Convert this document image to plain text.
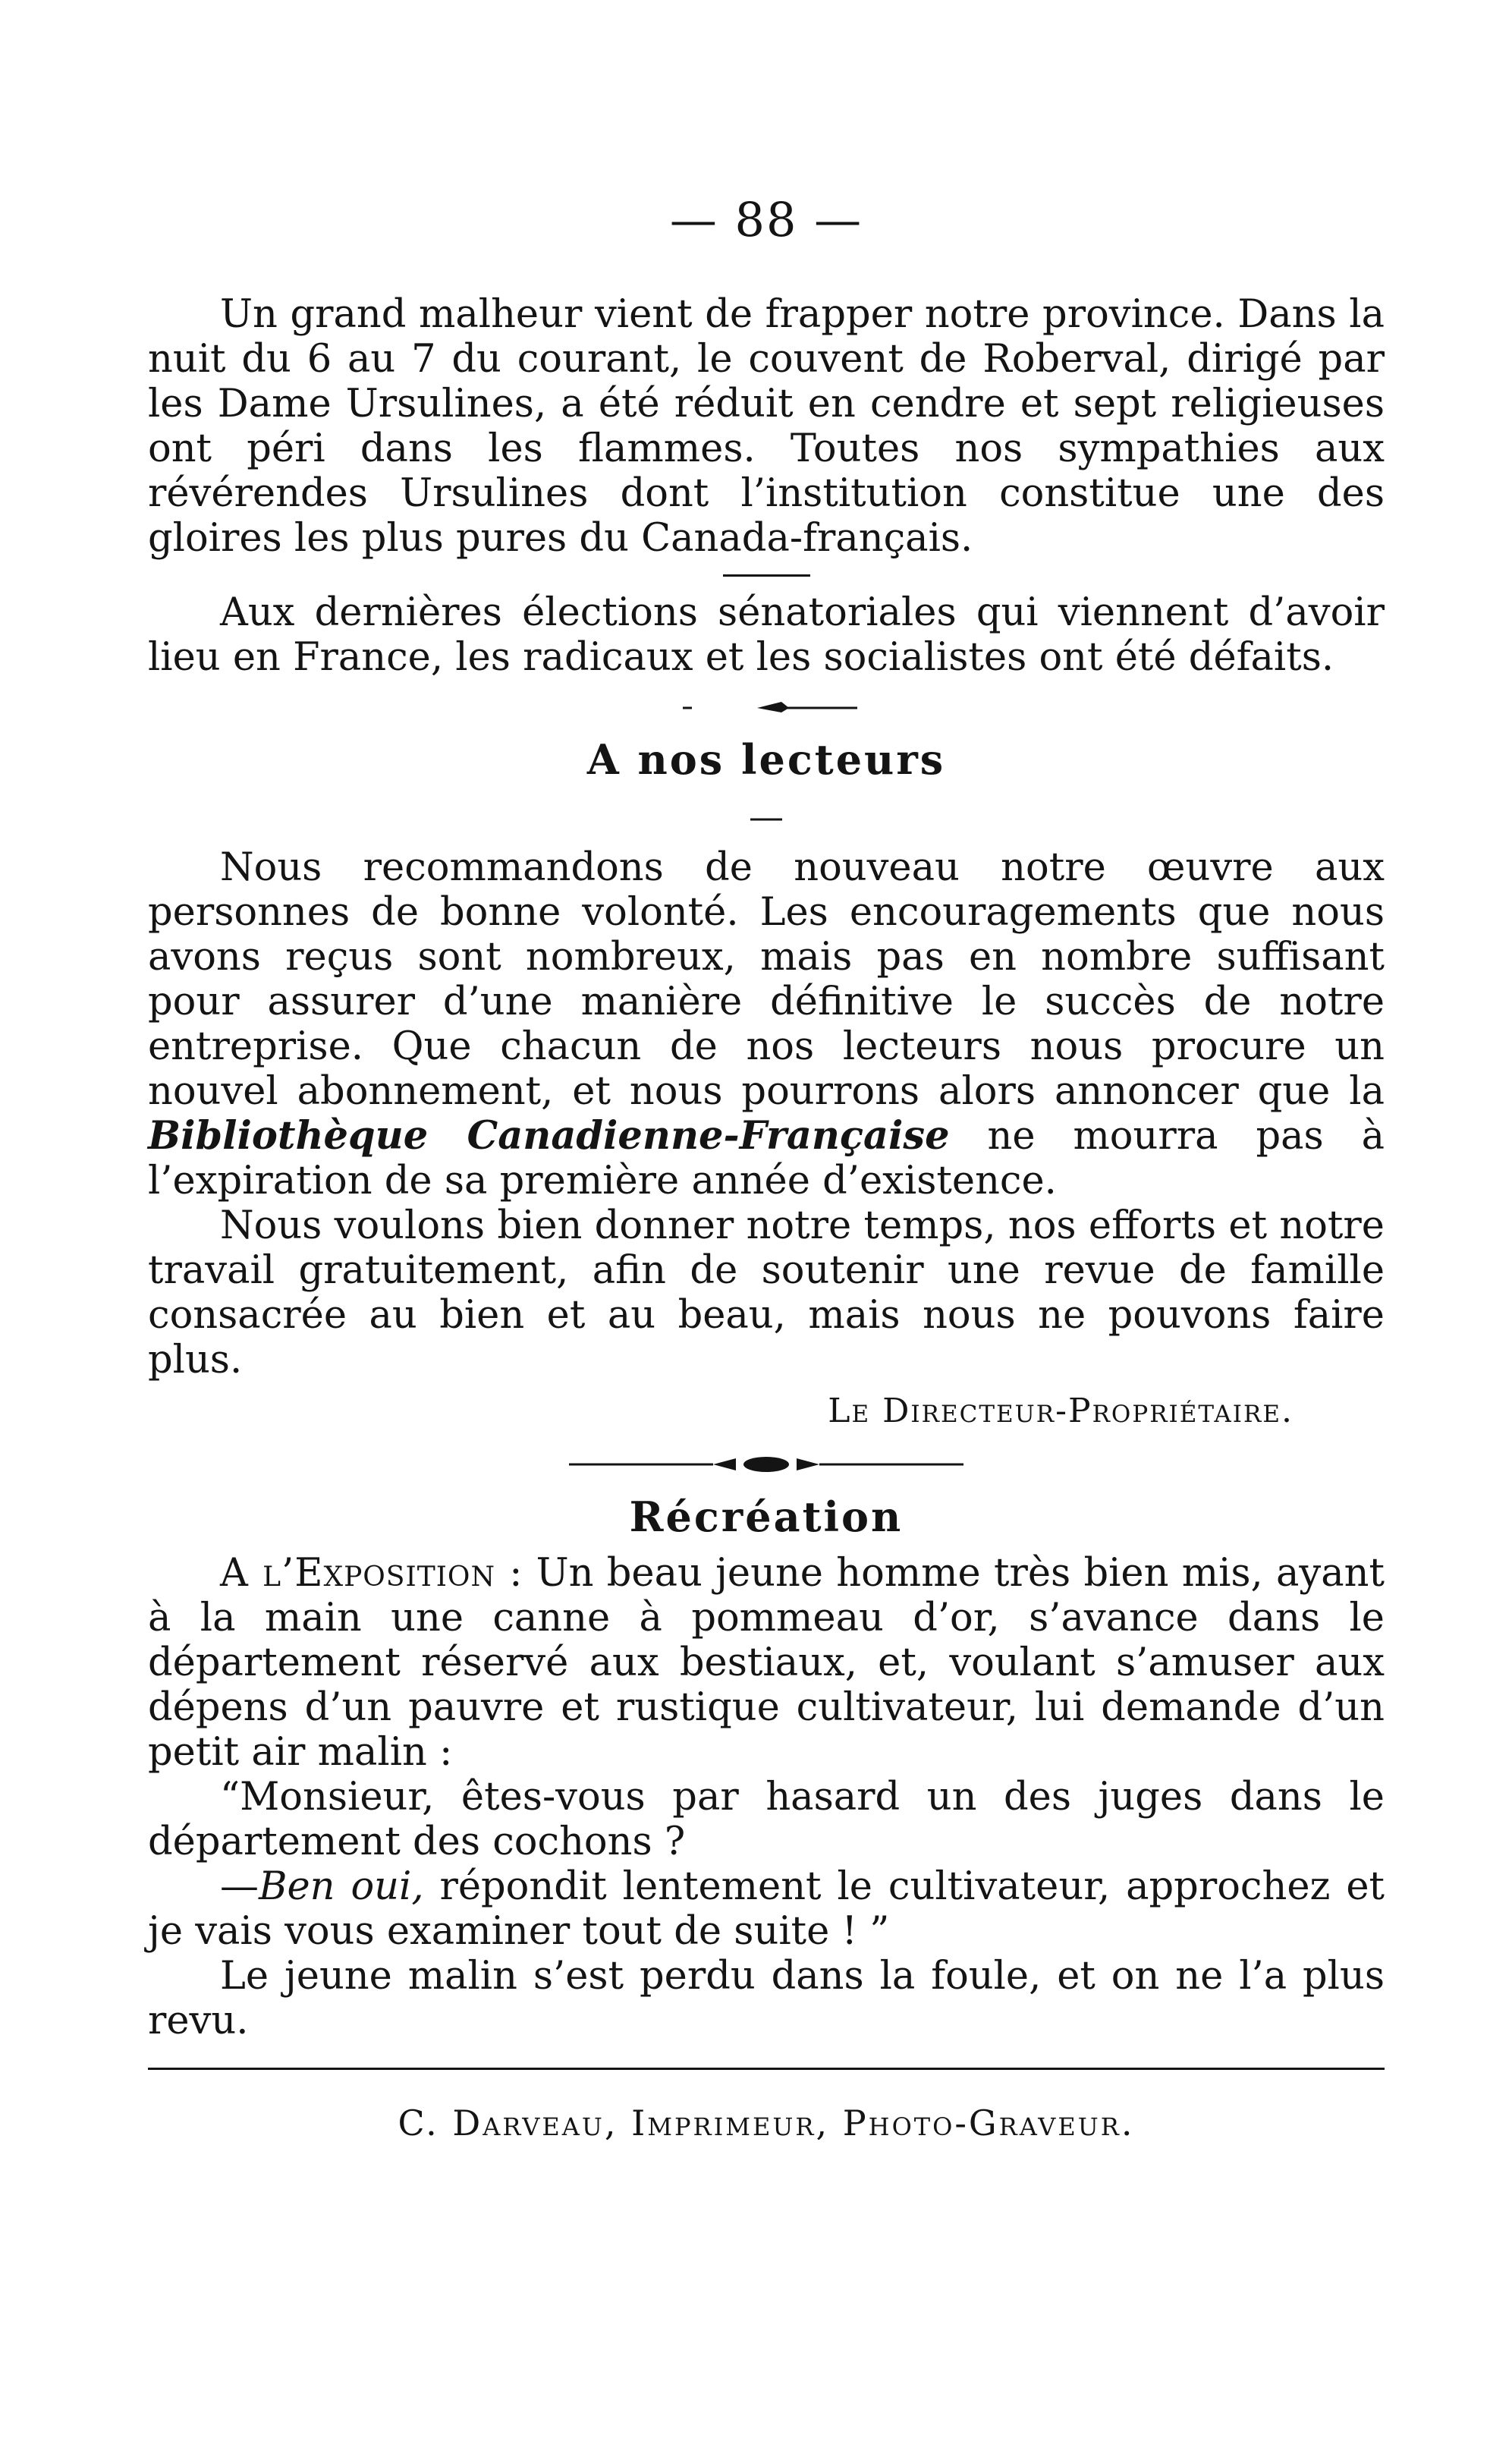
— 88 —

Un grand malheur vient de frapper notre province. Dans la nuit du 6 au 7 du courant, le couvent de Roberval, dirigé par les Dame Ursulines, a été réduit en cendre et sept religieuses ont péri dans les flammes. Toutes nos sympathies aux révérendes Ursulines dont l’institution constitue une des gloires les plus pures du Canada-français.

Aux dernières élections sénatoriales qui viennent d’avoir lieu en France, les radicaux et les socialistes ont été défaits.

A nos lecteurs
—

Nous recommandons de nouveau notre œuvre aux personnes de bonne volonté. Les encouragements que nous avons reçus sont nombreux, mais pas en nombre suffisant pour assurer d’une manière définitive le succès de notre entreprise. Que chacun de nos lecteurs nous procure un nouvel abonnement, et nous pourrons alors annoncer que la Bibliothèque Canadienne-Française ne mourra pas à l’expiration de sa première année d’existence.

Nous voulons bien donner notre temps, nos efforts et notre travail gratuitement, afin de soutenir une revue de famille consacrée au bien et au beau, mais nous ne pouvons faire plus.

Le Directeur-Propriétaire.
Récréation

A l’Exposition : Un beau jeune homme très bien mis, ayant à la main une canne à pommeau d’or, s’avance dans le département réservé aux bestiaux, et, voulant s’amuser aux dépens d’un pauvre et rustique cultivateur, lui demande d’un petit air malin :

“Monsieur, êtes-vous par hasard un des juges dans le département des cochons ?

—Ben oui, répondit lentement le cultivateur, approchez et je vais vous examiner tout de suite ! ”

Le jeune malin s’est perdu dans la foule, et on ne l’a plus revu.

C. Darveau, Imprimeur, Photo-Graveur.
